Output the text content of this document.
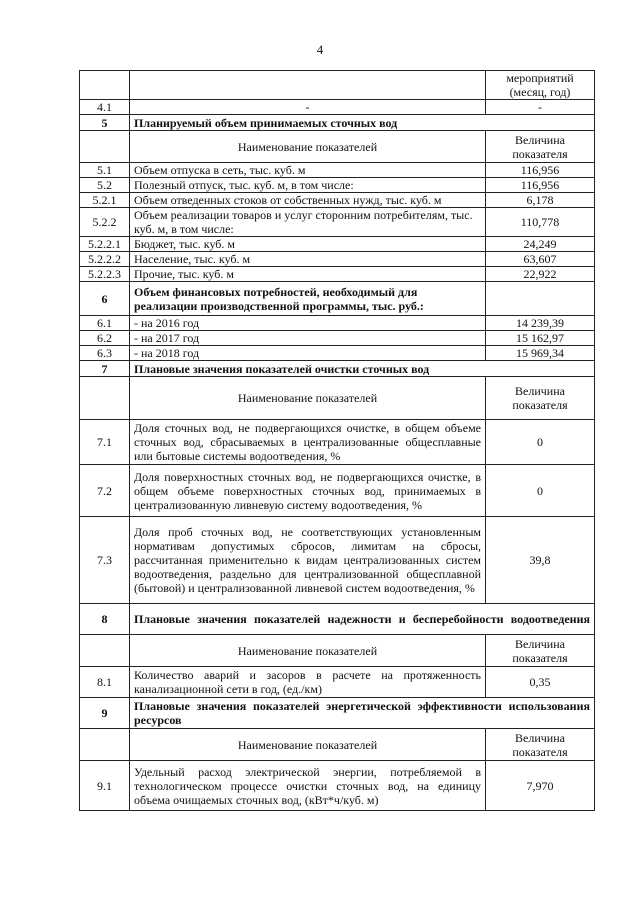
4
		мероприятий (месяц, год)
4.1	-	-
5	Планируемый объем принимаемых сточных вод	
	Наименование показателей	Величина показателя
5.1	Объем отпуска в сеть, тыс. куб. м	116,956
5.2	Полезный отпуск, тыс. куб. м, в том числе:	116,956
5.2.1	Объем отведенных стоков от собственных нужд, тыс. куб. м	6,178
5.2.2	Объем реализации товаров и услуг сторонним потребителям, тыс. куб. м, в том числе:	110,778
5.2.2.1	Бюджет, тыс. куб. м	24,249
5.2.2.2	Население, тыс. куб. м	63,607
5.2.2.3	Прочие, тыс. куб. м	22,922
6	Объем финансовых потребностей, необходимый для реализации производственной программы, тыс. руб.:	
6.1	- на 2016 год	14 239,39
6.2	- на 2017 год	15 162,97
6.3	- на 2018 год	15 969,34
7	Плановые значения показателей очистки сточных вод	
	Наименование показателей	Величина показателя
7.1	Доля сточных вод, не подвергающихся очистке, в общем объеме сточных вод, сбрасываемых в централизованные общесплавные или бытовые системы водоотведения, %	0
7.2	Доля поверхностных сточных вод, не подвергающихся очистке, в общем объеме поверхностных сточных вод, принимаемых в централизованную ливневую систему водоотведения, %	0
7.3	Доля проб сточных вод, не соответствующих установленным нормативам допустимых сбросов, лимитам на сбросы, рассчитанная применительно к видам централизованных систем водоотведения, раздельно для централизованной общесплавной (бытовой) и централизованной ливневой систем водоотведения, %	39,8
8	Плановые значения показателей надежности и бесперебойности водоотведения	
	Наименование показателей	Величина показателя
8.1	Количество аварий и засоров в расчете на протяженность канализационной сети в год, (ед./км)	0,35
9	Плановые значения показателей энергетической эффективности использования ресурсов	
	Наименование показателей	Величина показателя
9.1	Удельный расход электрической энергии, потребляемой в технологическом процессе очистки сточных вод, на единицу объема очищаемых сточных вод, (кВт*ч/куб. м)	7,970
